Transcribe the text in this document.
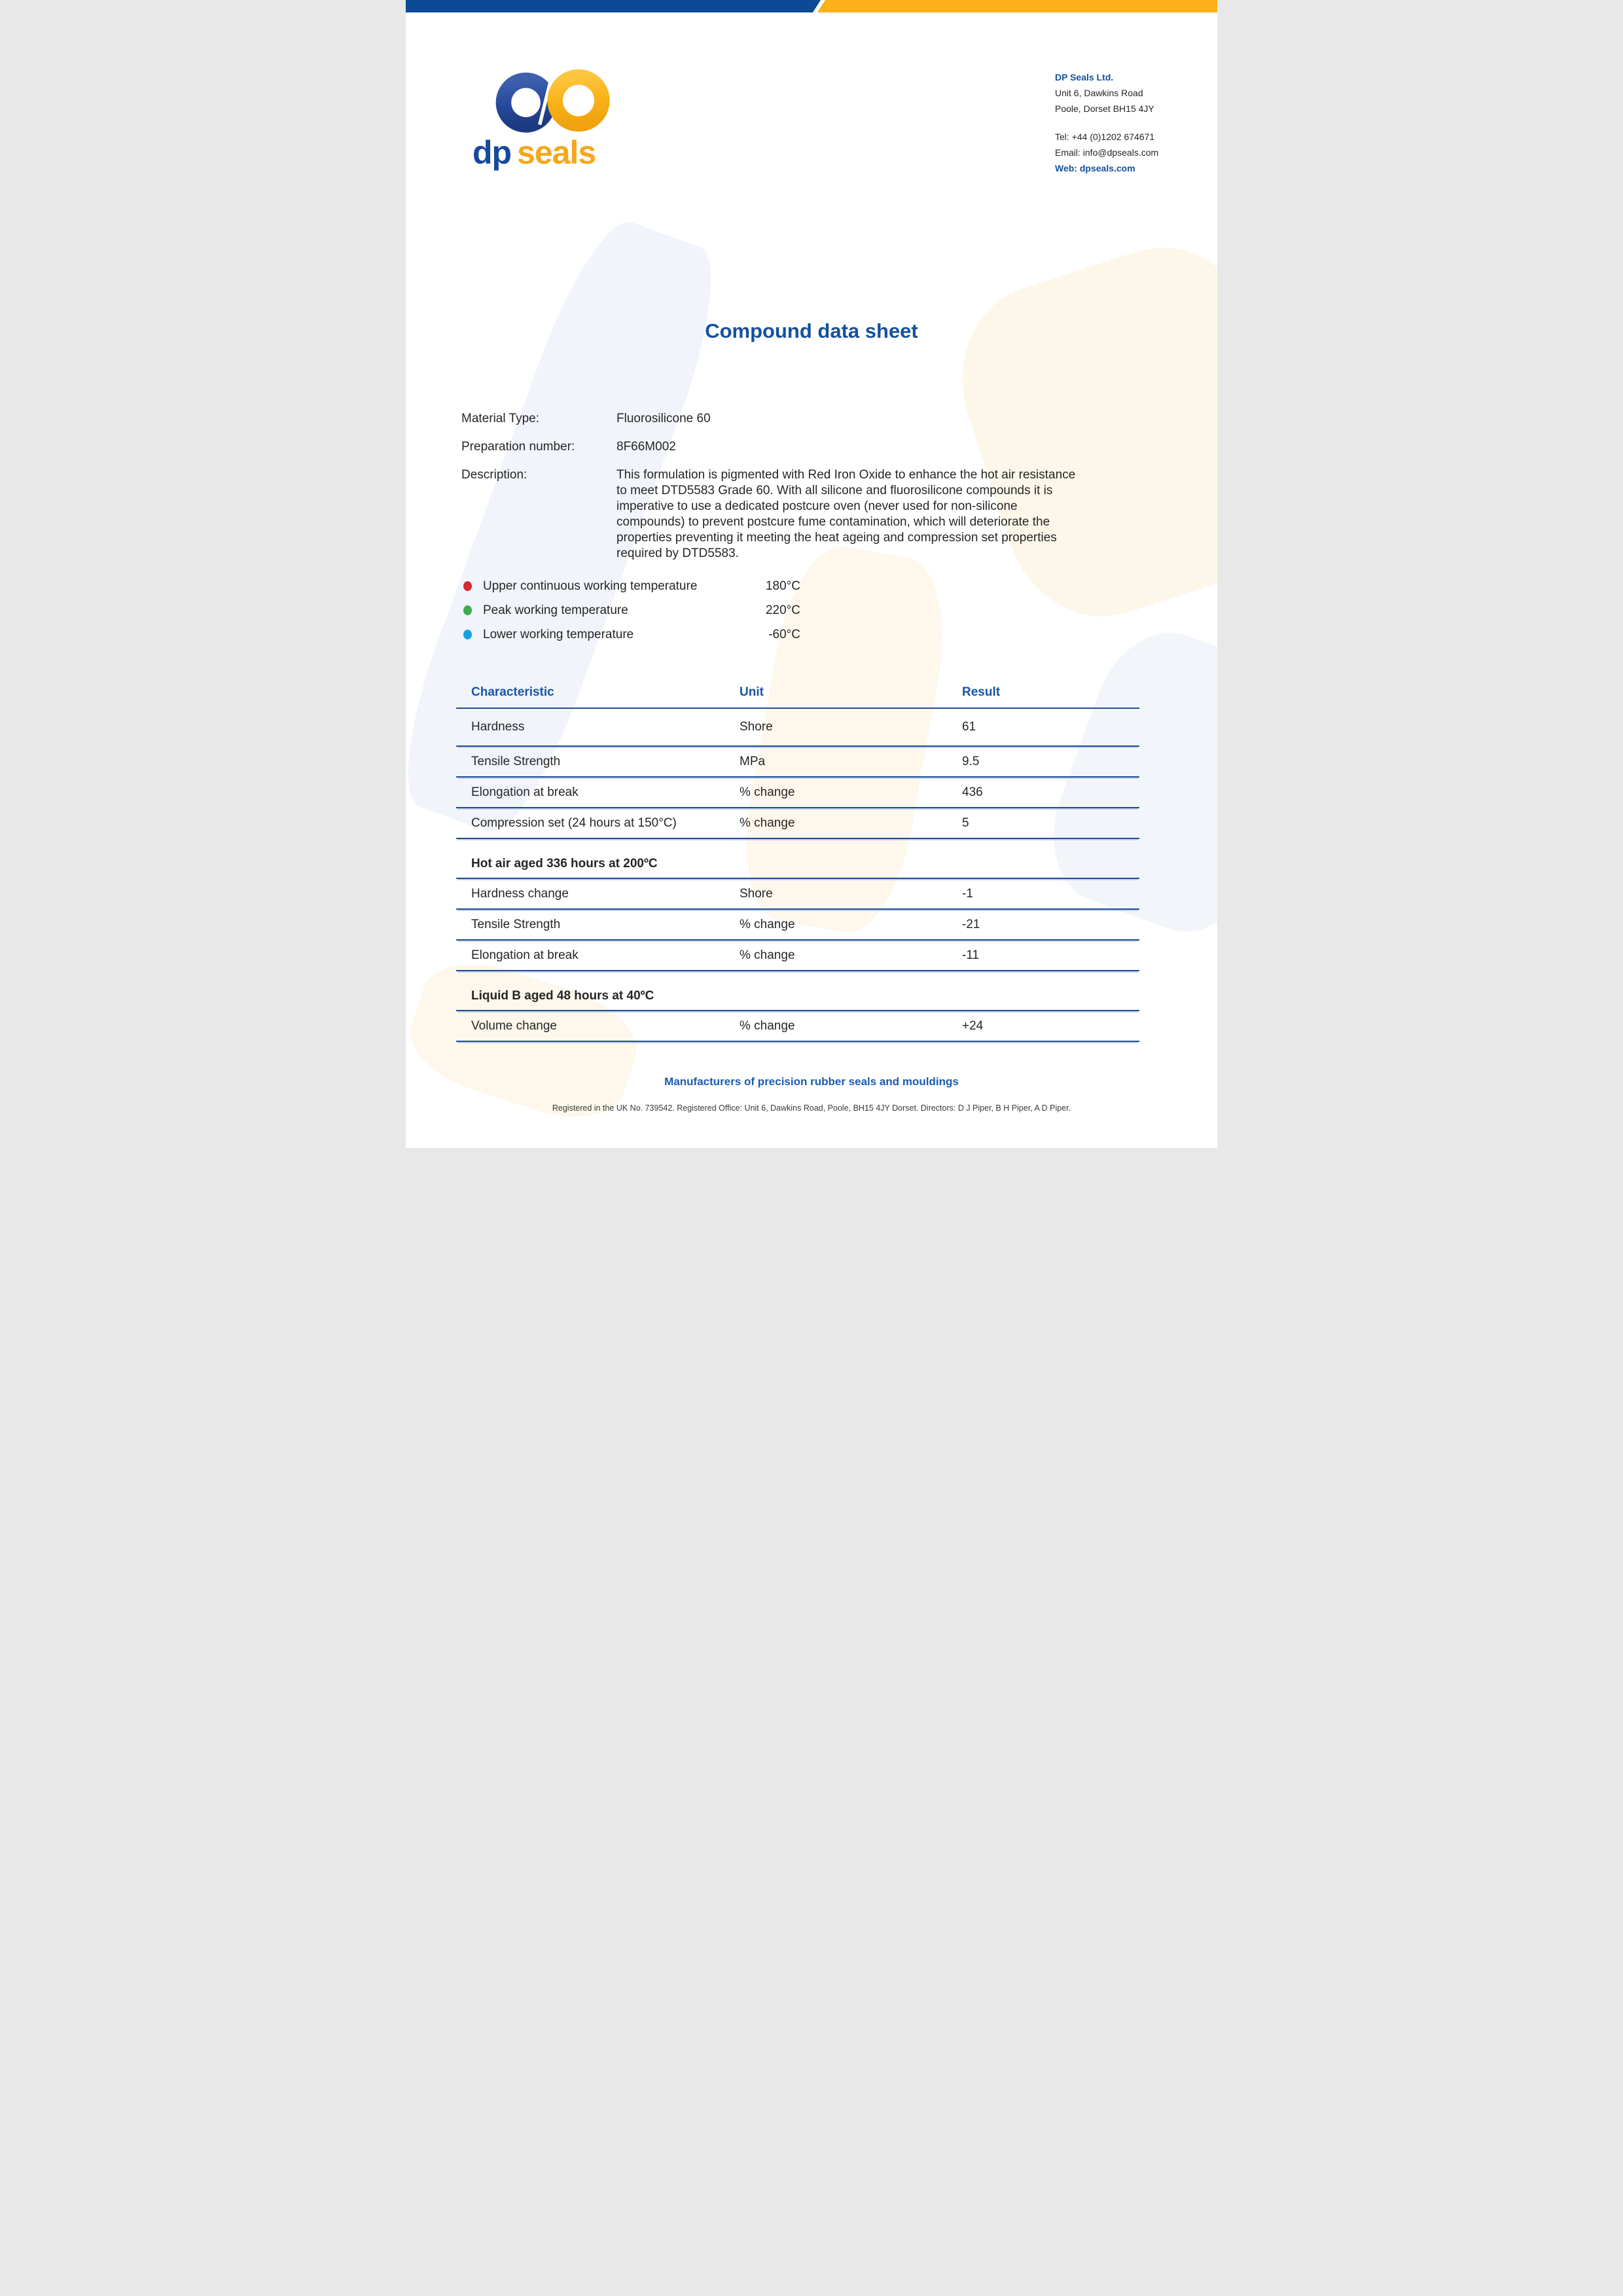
dp seals
DP Seals Ltd.
Unit 6, Dawkins Road
Poole, Dorset BH15 4JY
Tel: +44 (0)1202 674671
Email: info@dpseals.com
Web: dpseals.com
Compound data sheet
Material Type:	Fluorosilicone 60
Preparation number:	8F66M002
Description:	This formulation is pigmented with Red Iron Oxide to enhance the hot air resistance to meet DTD5583 Grade 60. With all silicone and fluorosilicone compounds it is imperative to use a dedicated postcure oven (never used for non-silicone compounds) to prevent postcure fume contamination, which will deteriorate the properties preventing it meeting the heat ageing and compression set properties required by DTD5583.
Upper continuous working temperature	180°C
Peak working temperature	220°C
Lower working temperature	-60°C
Characteristic	Unit	Result
Hardness	Shore	61
Tensile Strength	MPa	9.5
Elongation at break	% change	436
Compression set (24 hours at 150°C)	% change	5
Hot air aged 336 hours at 200ºC
Hardness change	Shore	-1
Tensile Strength	% change	-21
Elongation at break	% change	-11
Liquid B aged 48 hours at 40ºC
Volume change	% change	+24
Manufacturers of precision rubber seals and mouldings
Registered in the UK No. 739542. Registered Office: Unit 6, Dawkins Road, Poole, BH15 4JY Dorset. Directors: D J Piper, B H Piper, A D Piper.
